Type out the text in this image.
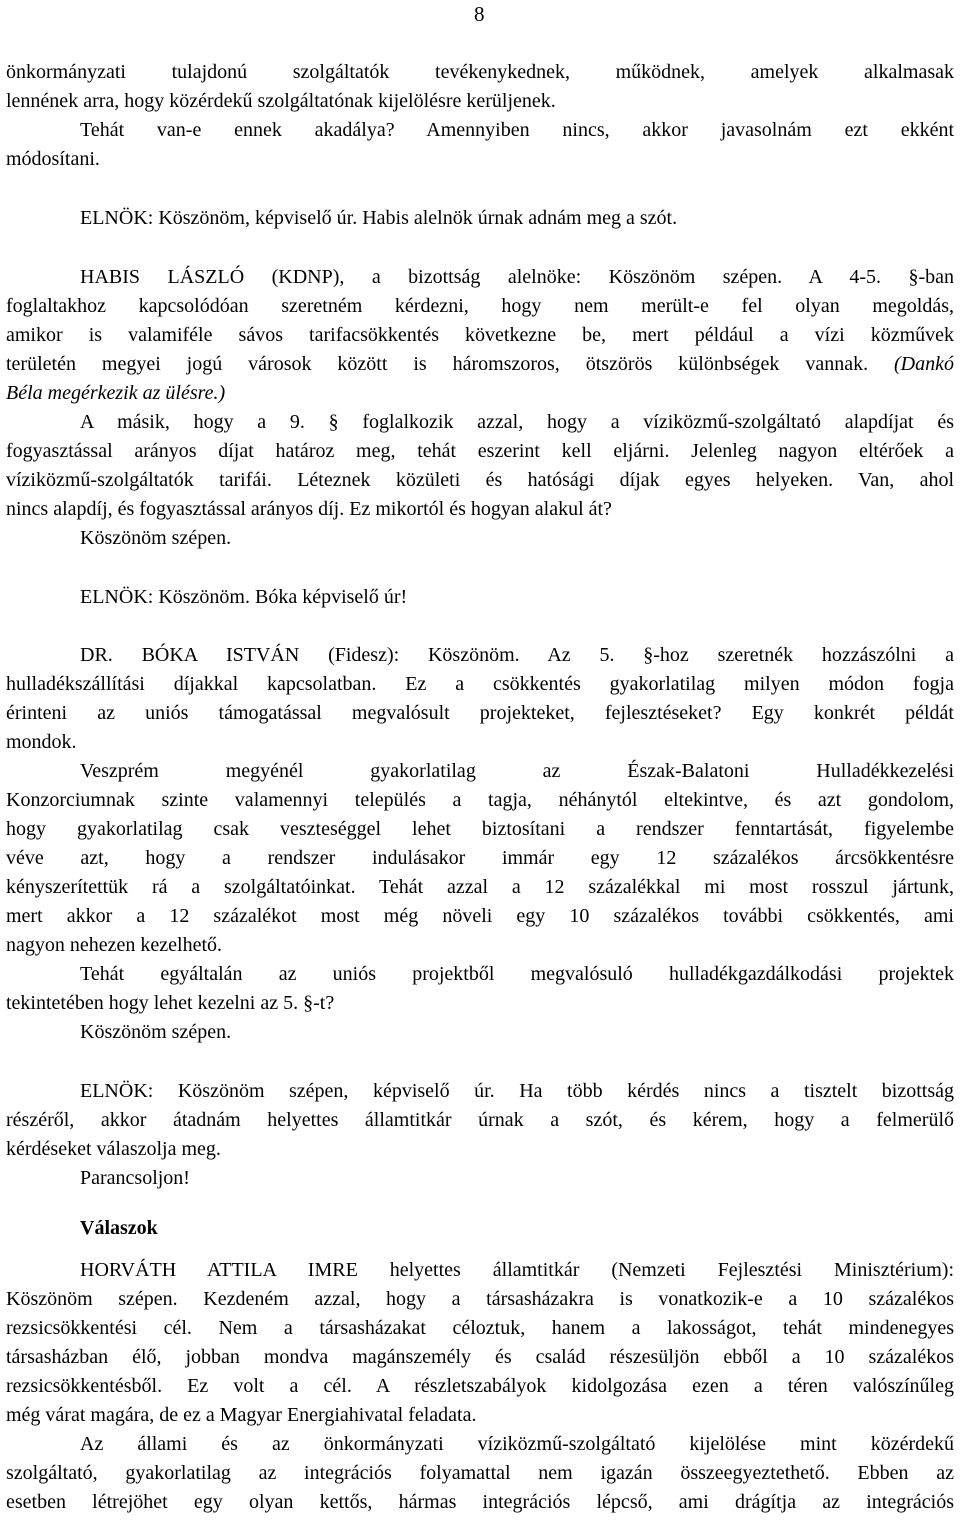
8
önkormányzati tulajdonú szolgáltatók tevékenykednek, működnek, amelyek alkalmasak
lennének arra, hogy közérdekű szolgáltatónak kijelölésre kerüljenek.
Tehát van-e ennek akadálya? Amennyiben nincs, akkor javasolnám ezt ekként
módosítani.
ELNÖK: Köszönöm, képviselő úr. Habis alelnök úrnak adnám meg a szót.
HABIS LÁSZLÓ (KDNP), a bizottság alelnöke: Köszönöm szépen. A 4-5. §-ban
foglaltakhoz kapcsolódóan szeretném kérdezni, hogy nem merült-e fel olyan megoldás,
amikor is valamiféle sávos tarifacsökkentés következne be, mert például a vízi közművek
területén megyei jogú városok között is háromszoros, ötszörös különbségek vannak. (Dankó
Béla megérkezik az ülésre.)
A másik, hogy a 9. § foglalkozik azzal, hogy a víziközmű-szolgáltató alapdíjat és
fogyasztással arányos díjat határoz meg, tehát eszerint kell eljárni. Jelenleg nagyon eltérőek a
víziközmű-szolgáltatók tarifái. Léteznek közületi és hatósági díjak egyes helyeken. Van, ahol
nincs alapdíj, és fogyasztással arányos díj. Ez mikortól és hogyan alakul át?
Köszönöm szépen.
ELNÖK: Köszönöm. Bóka képviselő úr!
DR. BÓKA ISTVÁN (Fidesz): Köszönöm. Az 5. §-hoz szeretnék hozzászólni a
hulladékszállítási díjakkal kapcsolatban. Ez a csökkentés gyakorlatilag milyen módon fogja
érinteni az uniós támogatással megvalósult projekteket, fejlesztéseket? Egy konkrét példát
mondok.
Veszprém megyénél gyakorlatilag az Észak-Balatoni Hulladékkezelési
Konzorciumnak szinte valamennyi település a tagja, néhánytól eltekintve, és azt gondolom,
hogy gyakorlatilag csak veszteséggel lehet biztosítani a rendszer fenntartását, figyelembe
véve azt, hogy a rendszer indulásakor immár egy 12 százalékos árcsökkentésre
kényszerítettük rá a szolgáltatóinkat. Tehát azzal a 12 százalékkal mi most rosszul jártunk,
mert akkor a 12 százalékot most még növeli egy 10 százalékos további csökkentés, ami
nagyon nehezen kezelhető.
Tehát egyáltalán az uniós projektből megvalósuló hulladékgazdálkodási projektek
tekintetében hogy lehet kezelni az 5. §-t?
Köszönöm szépen.
ELNÖK: Köszönöm szépen, képviselő úr. Ha több kérdés nincs a tisztelt bizottság
részéről, akkor átadnám helyettes államtitkár úrnak a szót, és kérem, hogy a felmerülő
kérdéseket válaszolja meg.
Parancsoljon!
Válaszok
HORVÁTH ATTILA IMRE helyettes államtitkár (Nemzeti Fejlesztési Minisztérium):
Köszönöm szépen. Kezdeném azzal, hogy a társasházakra is vonatkozik-e a 10 százalékos
rezsicsökkentési cél. Nem a társasházakat céloztuk, hanem a lakosságot, tehát mindenegyes
társasházban élő, jobban mondva magánszemély és család részesüljön ebből a 10 százalékos
rezsicsökkentésből. Ez volt a cél. A részletszabályok kidolgozása ezen a téren valószínűleg
még várat magára, de ez a Magyar Energiahivatal feladata.
Az állami és az önkormányzati víziközmű-szolgáltató kijelölése mint közérdekű
szolgáltató, gyakorlatilag az integrációs folyamattal nem igazán összeegyeztethető. Ebben az
esetben létrejöhet egy olyan kettős, hármas integrációs lépcső, ami drágítja az integrációs
